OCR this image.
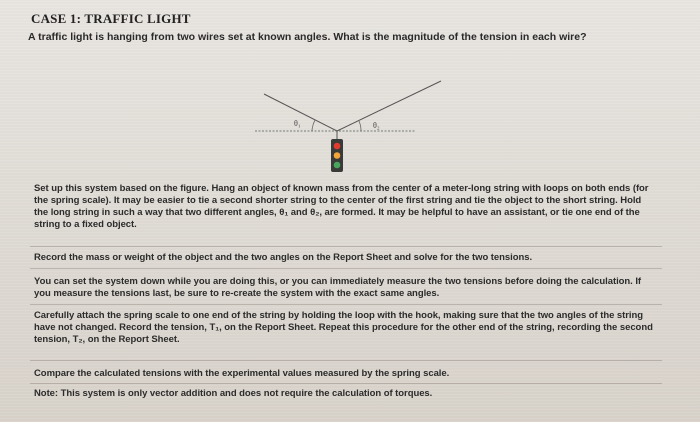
CASE 1: TRAFFIC LIGHT
A traffic light is hanging from two wires set at known angles. What is the magnitude of the tension in each wire?
θ₁	θ₂
Set up this system based on the figure. Hang an object of known mass from the center of a meter-long string with loops on both ends (for the spring scale). It may be easier to tie a second shorter string to the center of the first string and tie the object to the short string. Hold the long string in such a way that two different angles, θ₁ and θ₂, are formed. It may be helpful to have an assistant, or tie one end of the string to a fixed object.
Record the mass or weight of the object and the two angles on the Report Sheet and solve for the two tensions.
You can set the system down while you are doing this, or you can immediately measure the two tensions before doing the calculation. If you measure the tensions last, be sure to re-create the system with the exact same angles.
Carefully attach the spring scale to one end of the string by holding the loop with the hook, making sure that the two angles of the string have not changed. Record the tension, T₁, on the Report Sheet. Repeat this procedure for the other end of the string, recording the second tension, T₂, on the Report Sheet.
Compare the calculated tensions with the experimental values measured by the spring scale.
Note: This system is only vector addition and does not require the calculation of torques.
